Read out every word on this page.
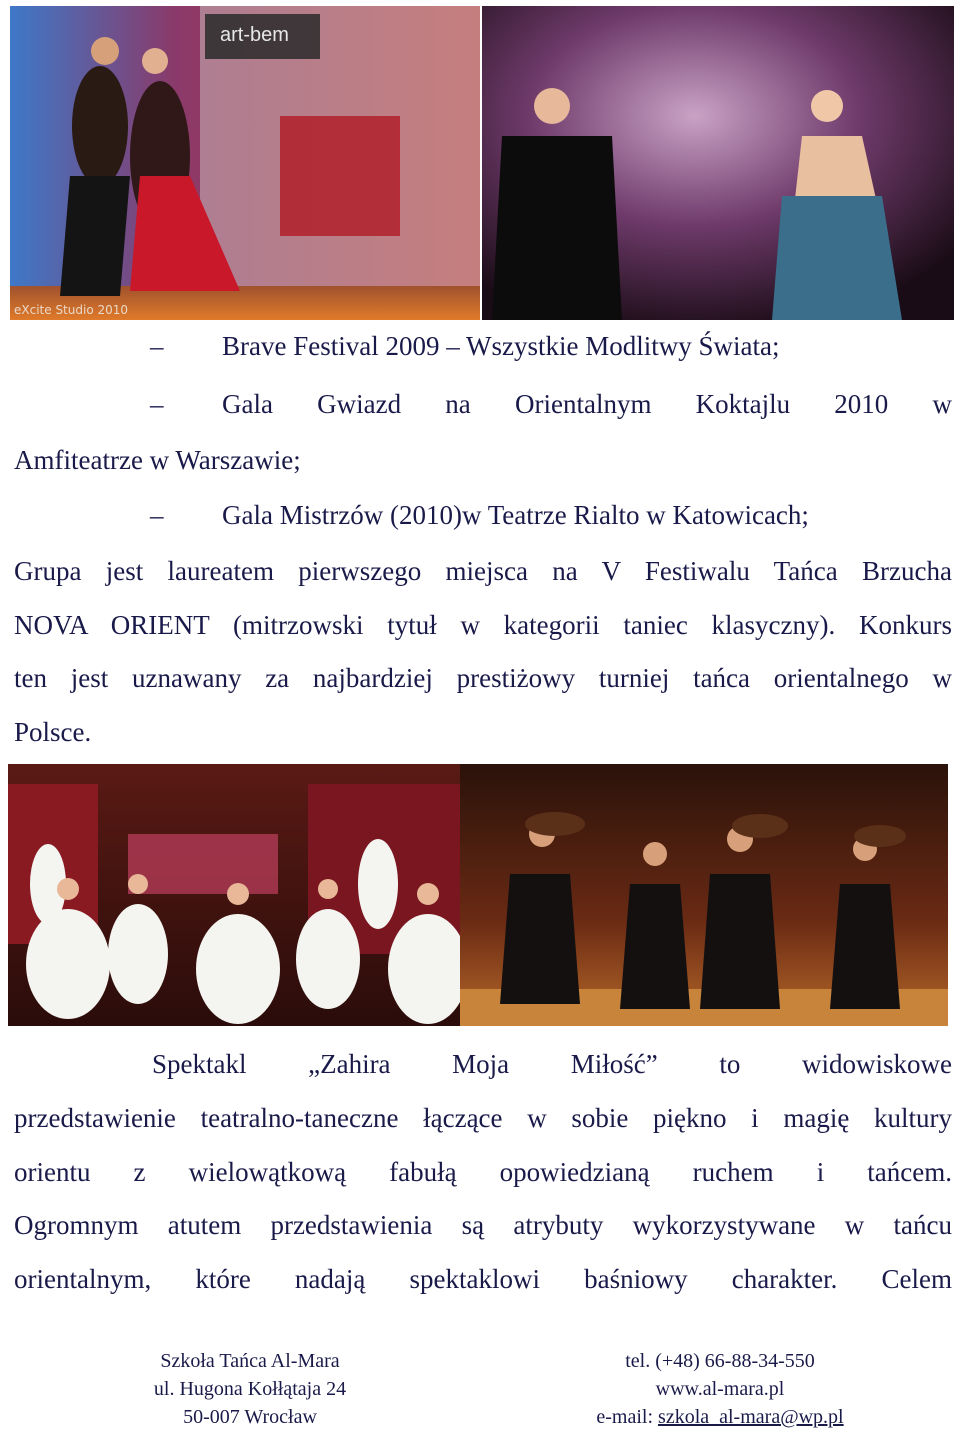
art-bem
eXcite Studio 2010
– Brave Festival 2009 – Wszystkie Modlitwy Świata;
– Gala Gwiazd na Orientalnym Koktajlu 2010 w
Amfiteatrze w Warszawie;
– Gala Mistrzów (2010)w Teatrze Rialto w Katowicach;
Grupa jest laureatem pierwszego miejsca na V Festiwalu Tańca Brzucha
NOVA ORIENT (mitrzowski tytuł w kategorii taniec klasyczny). Konkurs
ten jest uznawany za najbardziej prestiżowy turniej tańca orientalnego w
Polsce.
Spektakl „Zahira Moja Miłość” to widowiskowe
przedstawienie teatralno-taneczne łączące w sobie piękno i magię kultury
orientu z wielowątkową fabułą opowiedzianą ruchem i tańcem.
Ogromnym atutem przedstawienia są atrybuty wykorzystywane w tańcu
orientalnym, które nadają spektaklowi baśniowy charakter. Celem
Szkoła Tańca Al-Mara
ul. Hugona Kołłątaja 24
50-007 Wrocław
tel. (+48) 66-88-34-550
www.al-mara.pl
e-mail: szkola_al-mara@wp.pl
